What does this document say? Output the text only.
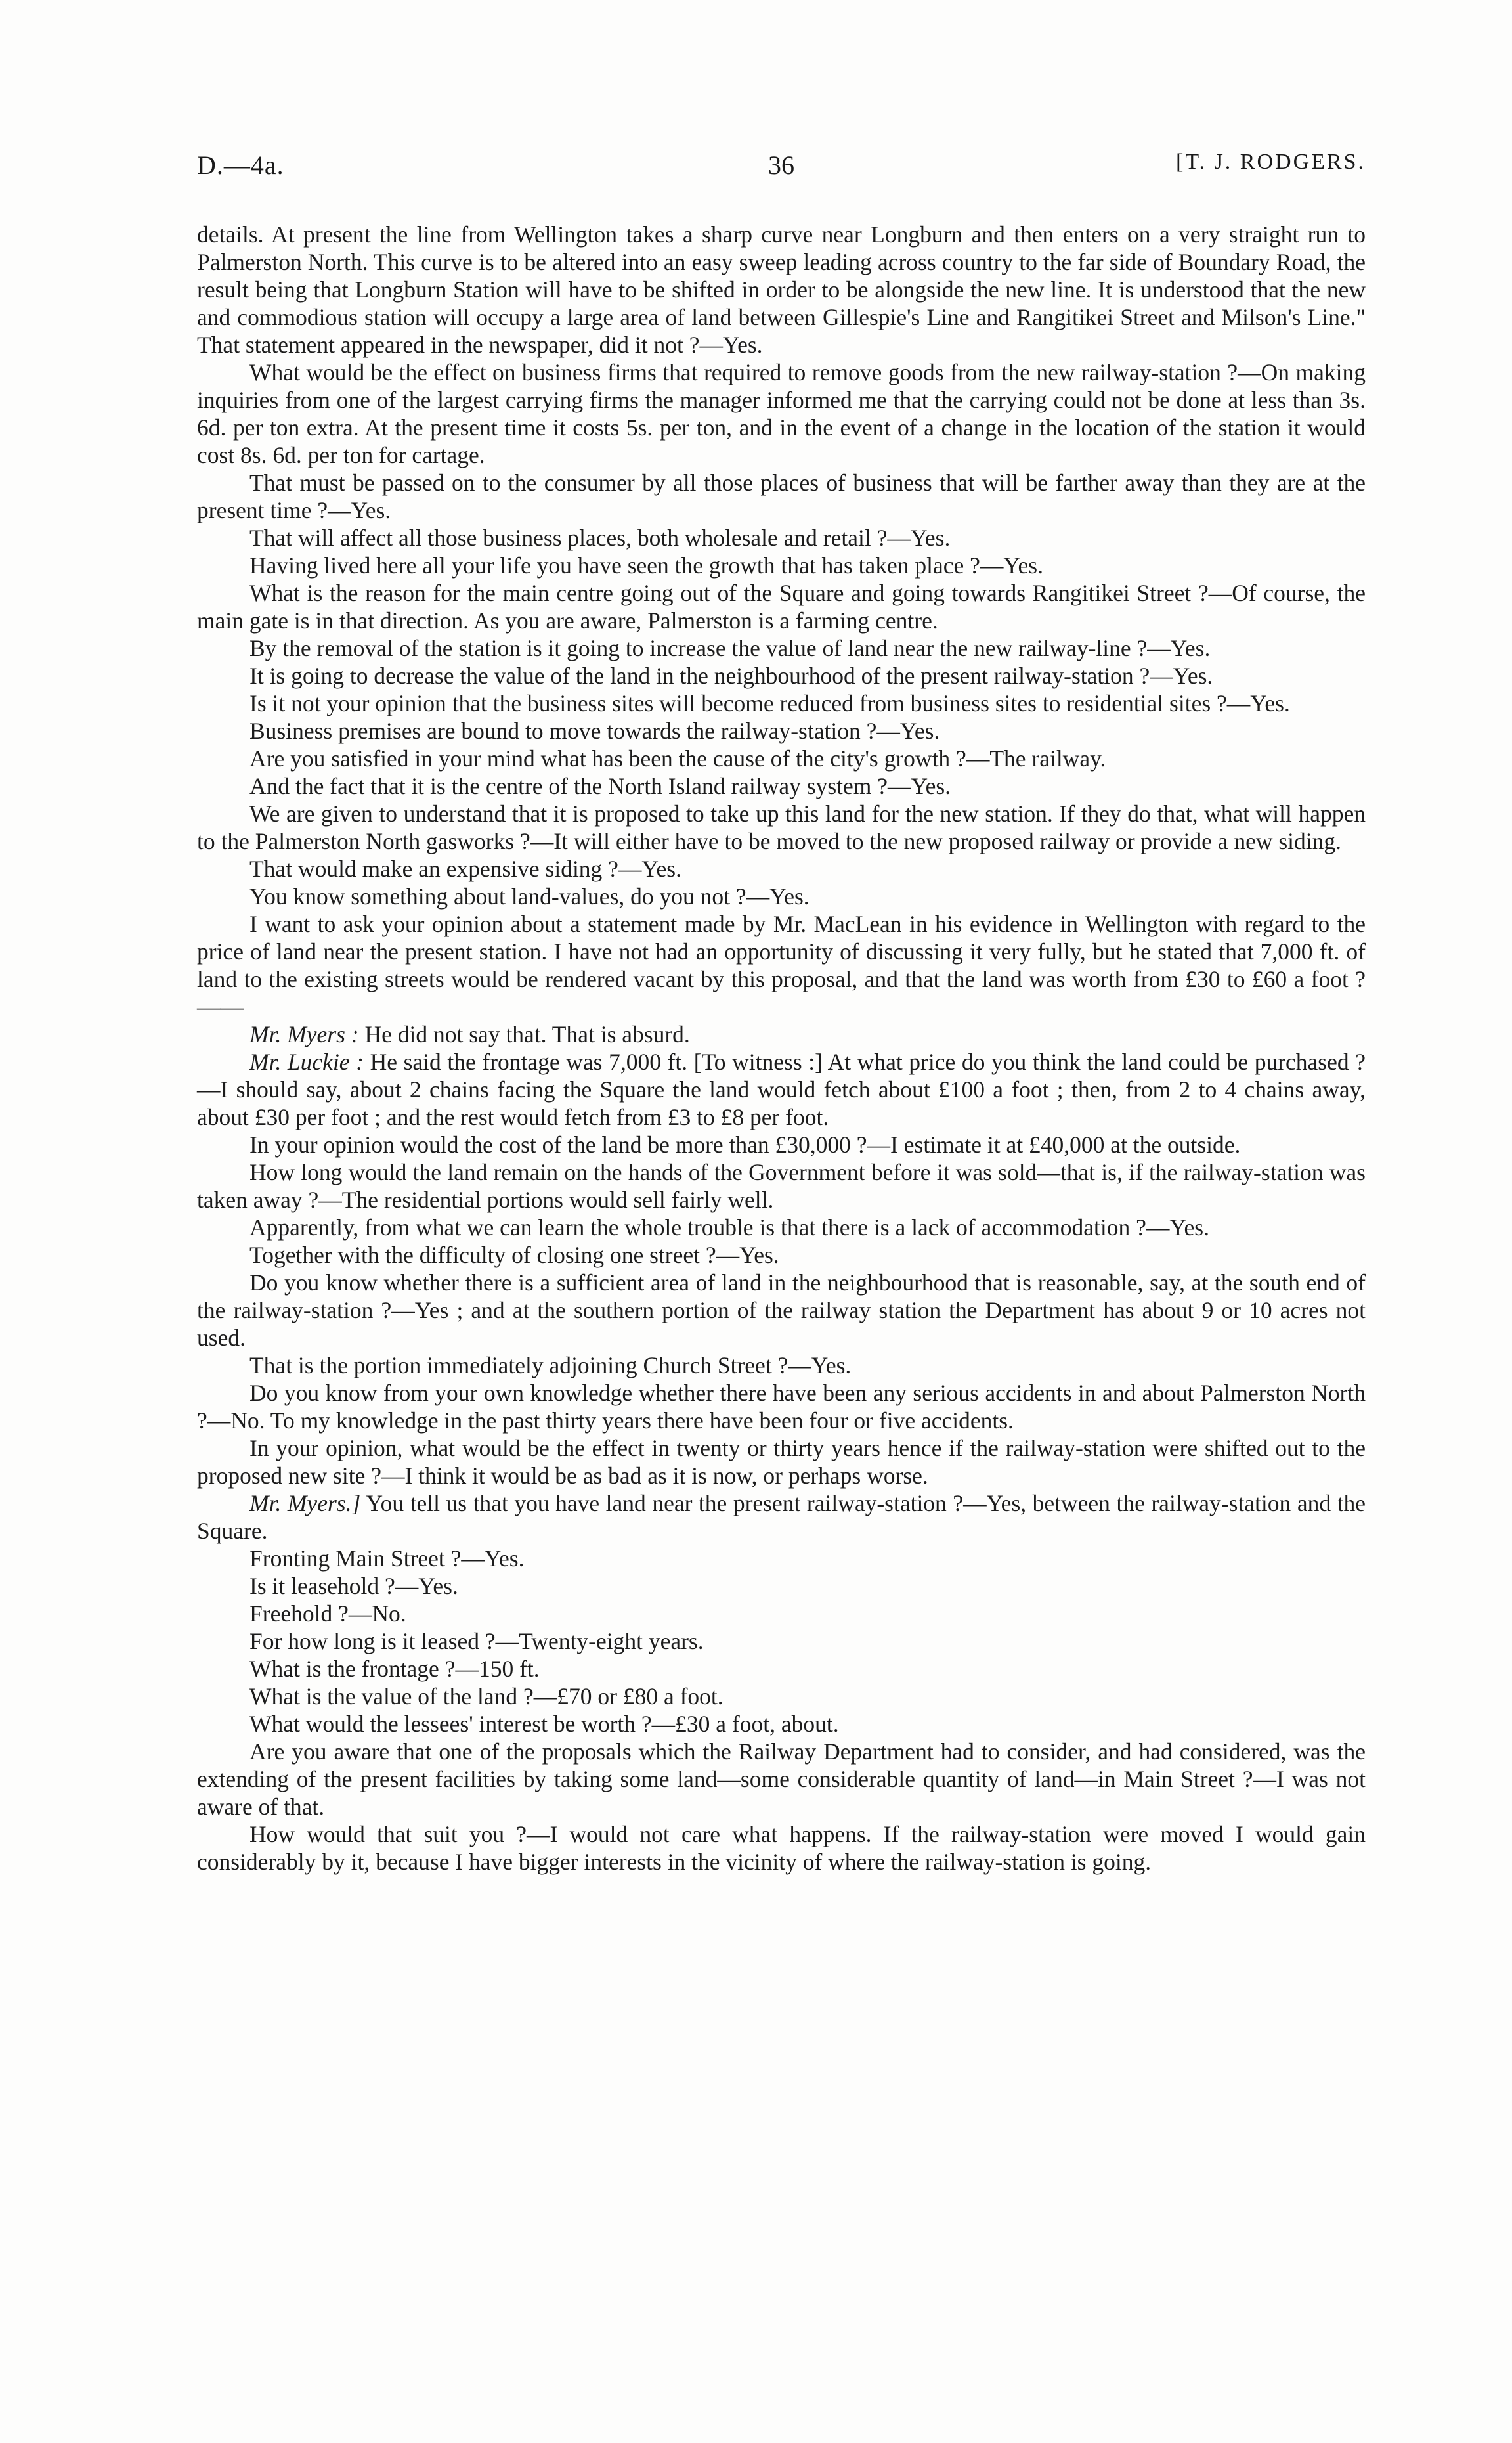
D.—4a.	36	[T. J. RODGERS.

details. At present the line from Wellington takes a sharp curve near Longburn and then enters on a very straight run to Palmerston North. This curve is to be altered into an easy sweep leading across country to the far side of Boundary Road, the result being that Longburn Station will have to be shifted in order to be alongside the new line. It is understood that the new and commodious station will occupy a large area of land between Gillespie's Line and Rangitikei Street and Milson's Line." That statement appeared in the newspaper, did it not ?—Yes.

What would be the effect on business firms that required to remove goods from the new railway-station ?—On making inquiries from one of the largest carrying firms the manager informed me that the carrying could not be done at less than 3s. 6d. per ton extra. At the present time it costs 5s. per ton, and in the event of a change in the location of the station it would cost 8s. 6d. per ton for cartage.

That must be passed on to the consumer by all those places of business that will be farther away than they are at the present time ?—Yes.

That will affect all those business places, both wholesale and retail ?—Yes.

Having lived here all your life you have seen the growth that has taken place ?—Yes.

What is the reason for the main centre going out of the Square and going towards Rangitikei Street ?—Of course, the main gate is in that direction. As you are aware, Palmerston is a farming centre.

By the removal of the station is it going to increase the value of land near the new railway-line ?—Yes.

It is going to decrease the value of the land in the neighbourhood of the present railway-station ?—Yes.

Is it not your opinion that the business sites will become reduced from business sites to residential sites ?—Yes.

Business premises are bound to move towards the railway-station ?—Yes.

Are you satisfied in your mind what has been the cause of the city's growth ?—The railway.

And the fact that it is the centre of the North Island railway system ?—Yes.

We are given to understand that it is proposed to take up this land for the new station. If they do that, what will happen to the Palmerston North gasworks ?—It will either have to be moved to the new proposed railway or provide a new siding.

That would make an expensive siding ?—Yes.

You know something about land-values, do you not ?—Yes.

I want to ask your opinion about a statement made by Mr. MacLean in his evidence in Wellington with regard to the price of land near the present station. I have not had an opportunity of discussing it very fully, but he stated that 7,000 ft. of land to the existing streets would be rendered vacant by this proposal, and that the land was worth from £30 to £60 a foot ?——

Mr. Myers : He did not say that. That is absurd.

Mr. Luckie : He said the frontage was 7,000 ft. [To witness :] At what price do you think the land could be purchased ?—I should say, about 2 chains facing the Square the land would fetch about £100 a foot ; then, from 2 to 4 chains away, about £30 per foot ; and the rest would fetch from £3 to £8 per foot.

In your opinion would the cost of the land be more than £30,000 ?—I estimate it at £40,000 at the outside.

How long would the land remain on the hands of the Government before it was sold—that is, if the railway-station was taken away ?—The residential portions would sell fairly well.

Apparently, from what we can learn the whole trouble is that there is a lack of accommodation ?—Yes.

Together with the difficulty of closing one street ?—Yes.

Do you know whether there is a sufficient area of land in the neighbourhood that is reasonable, say, at the south end of the railway-station ?—Yes ; and at the southern portion of the railway station the Department has about 9 or 10 acres not used.

That is the portion immediately adjoining Church Street ?—Yes.

Do you know from your own knowledge whether there have been any serious accidents in and about Palmerston North ?—No. To my knowledge in the past thirty years there have been four or five accidents.

In your opinion, what would be the effect in twenty or thirty years hence if the railway-station were shifted out to the proposed new site ?—I think it would be as bad as it is now, or perhaps worse.

Mr. Myers.] You tell us that you have land near the present railway-station ?—Yes, between the railway-station and the Square.

Fronting Main Street ?—Yes.

Is it leasehold ?—Yes.

Freehold ?—No.

For how long is it leased ?—Twenty-eight years.

What is the frontage ?—150 ft.

What is the value of the land ?—£70 or £80 a foot.

What would the lessees' interest be worth ?—£30 a foot, about.

Are you aware that one of the proposals which the Railway Department had to consider, and had considered, was the extending of the present facilities by taking some land—some considerable quantity of land—in Main Street ?—I was not aware of that.

How would that suit you ?—I would not care what happens. If the railway-station were moved I would gain considerably by it, because I have bigger interests in the vicinity of where the railway-station is going.
